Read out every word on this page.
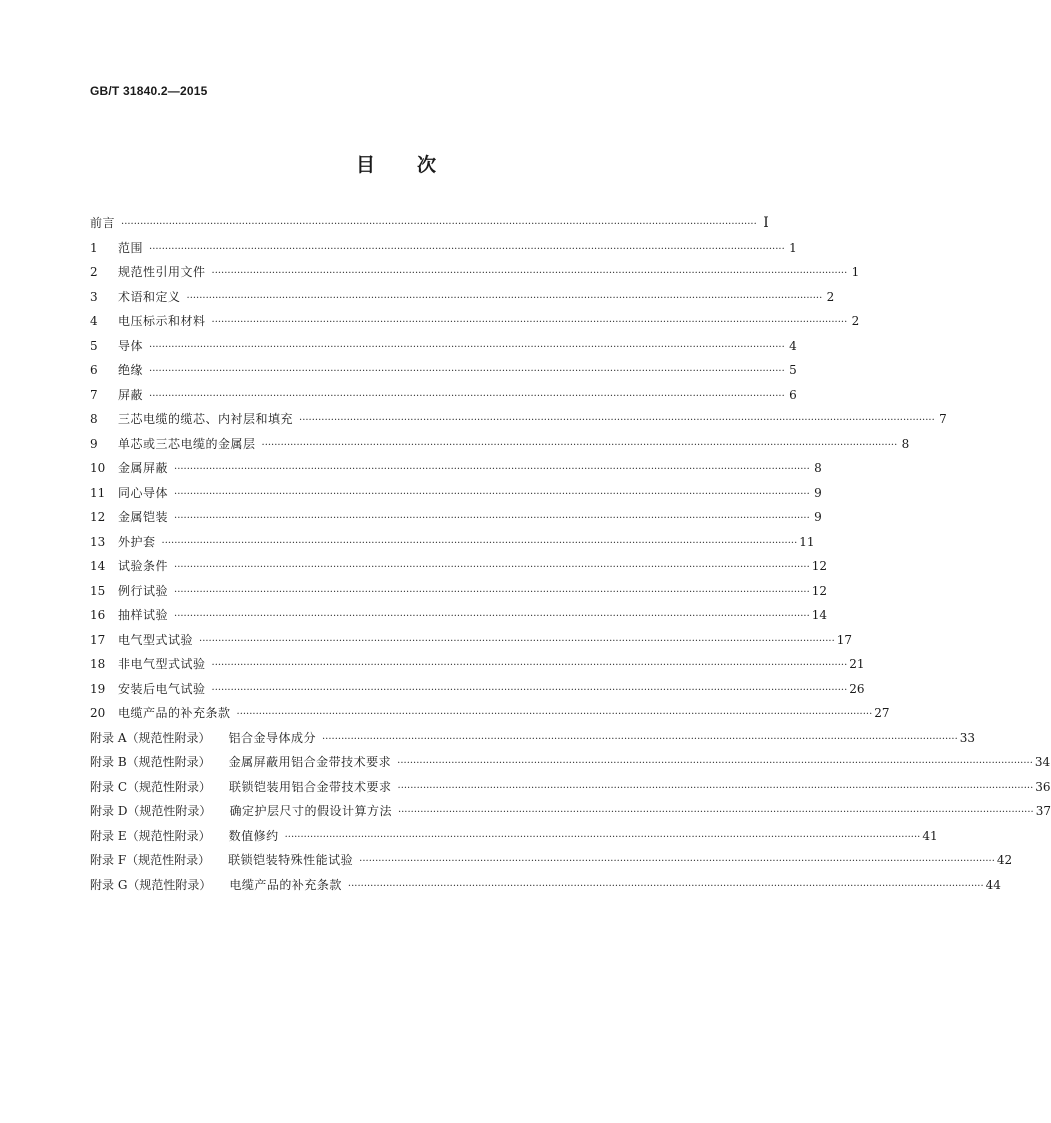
GB/T 31840.2—2015
目 次
前言 ········································································································································································································ I
1	范围 ········································································································································································································ 1
2	规范性引用文件 ········································································································································································································ 1
3	术语和定义 ········································································································································································································ 2
4	电压标示和材料 ········································································································································································································ 2
5	导体 ········································································································································································································ 4
6	绝缘 ········································································································································································································ 5
7	屏蔽 ········································································································································································································ 6
8	三芯电缆的缆芯、内衬层和填充 ········································································································································································································ 7
9	单芯或三芯电缆的金属层 ········································································································································································································ 8
10	金属屏蔽 ········································································································································································································ 8
11	同心导体 ········································································································································································································ 9
12	金属铠装 ········································································································································································································ 9
13	外护套 ········································································································································································································ 11
14	试验条件 ········································································································································································································ 12
15	例行试验 ········································································································································································································ 12
16	抽样试验 ········································································································································································································ 14
17	电气型式试验 ········································································································································································································ 17
18	非电气型式试验 ········································································································································································································ 21
19	安装后电气试验 ········································································································································································································ 26
20	电缆产品的补充条款 ········································································································································································································ 27
附录 A（规范性附录） 铝合金导体成分 ········································································································································································································ 33
附录 B（规范性附录） 金属屏蔽用铝合金带技术要求 ········································································································································································································ 34
附录 C（规范性附录） 联锁铠装用铝合金带技术要求 ········································································································································································································ 36
附录 D（规范性附录） 确定护层尺寸的假设计算方法 ········································································································································································································ 37
附录 E（规范性附录） 数值修约 ········································································································································································································ 41
附录 F（规范性附录） 联锁铠装特殊性能试验 ········································································································································································································ 42
附录 G（规范性附录） 电缆产品的补充条款 ········································································································································································································ 44
